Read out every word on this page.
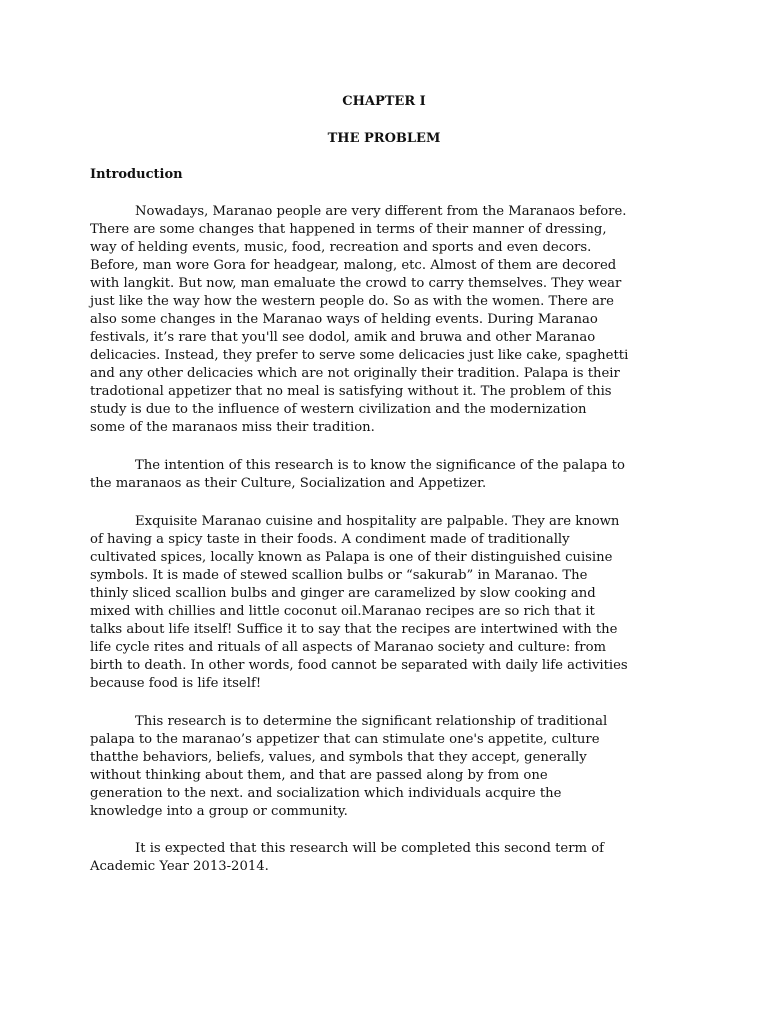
CHAPTER I
THE PROBLEM
Introduction
Nowadays, Maranao people are very different from the Maranaos before.
There are some changes that happened in terms of their manner of dressing,
way of helding events, music, food, recreation and sports and even decors.
Before, man wore Gora for headgear, malong, etc. Almost of them are decored
with langkit. But now, man emaluate the crowd to carry themselves. They wear
just like the way how the western people do. So as with the women. There are
also some changes in the Maranao ways of helding events. During Maranao
festivals, it’s rare that you'll see dodol, amik and bruwa and other Maranao
delicacies. Instead, they prefer to serve some delicacies just like cake, spaghetti
and any other delicacies which are not originally their tradition. Palapa is their
tradotional appetizer that no meal is satisfying without it. The problem of this
study is due to the influence of western civilization and the modernization
some of the maranaos miss their tradition.
The intention of this research is to know the significance of the palapa to
the maranaos as their Culture, Socialization and Appetizer.
Exquisite Maranao cuisine and hospitality are palpable. They are known
of having a spicy taste in their foods. A condiment made of traditionally
cultivated spices, locally known as Palapa is one of their distinguished cuisine
symbols. It is made of stewed scallion bulbs or “sakurab” in Maranao. The
thinly sliced scallion bulbs and ginger are caramelized by slow cooking and
mixed with chillies and little coconut oil.Maranao recipes are so rich that it
talks about life itself! Suffice it to say that the recipes are intertwined with the
life cycle rites and rituals of all aspects of Maranao society and culture: from
birth to death. In other words, food cannot be separated with daily life activities
because food is life itself!
This research is to determine the significant relationship of traditional
palapa to the maranao’s appetizer that can stimulate one's appetite, culture
thatthe behaviors, beliefs, values, and symbols that they accept, generally
without thinking about them, and that are passed along by from one
generation to the next. and socialization which individuals acquire the
knowledge into a group or community.
It is expected that this research will be completed this second term of
Academic Year 2013-2014.
